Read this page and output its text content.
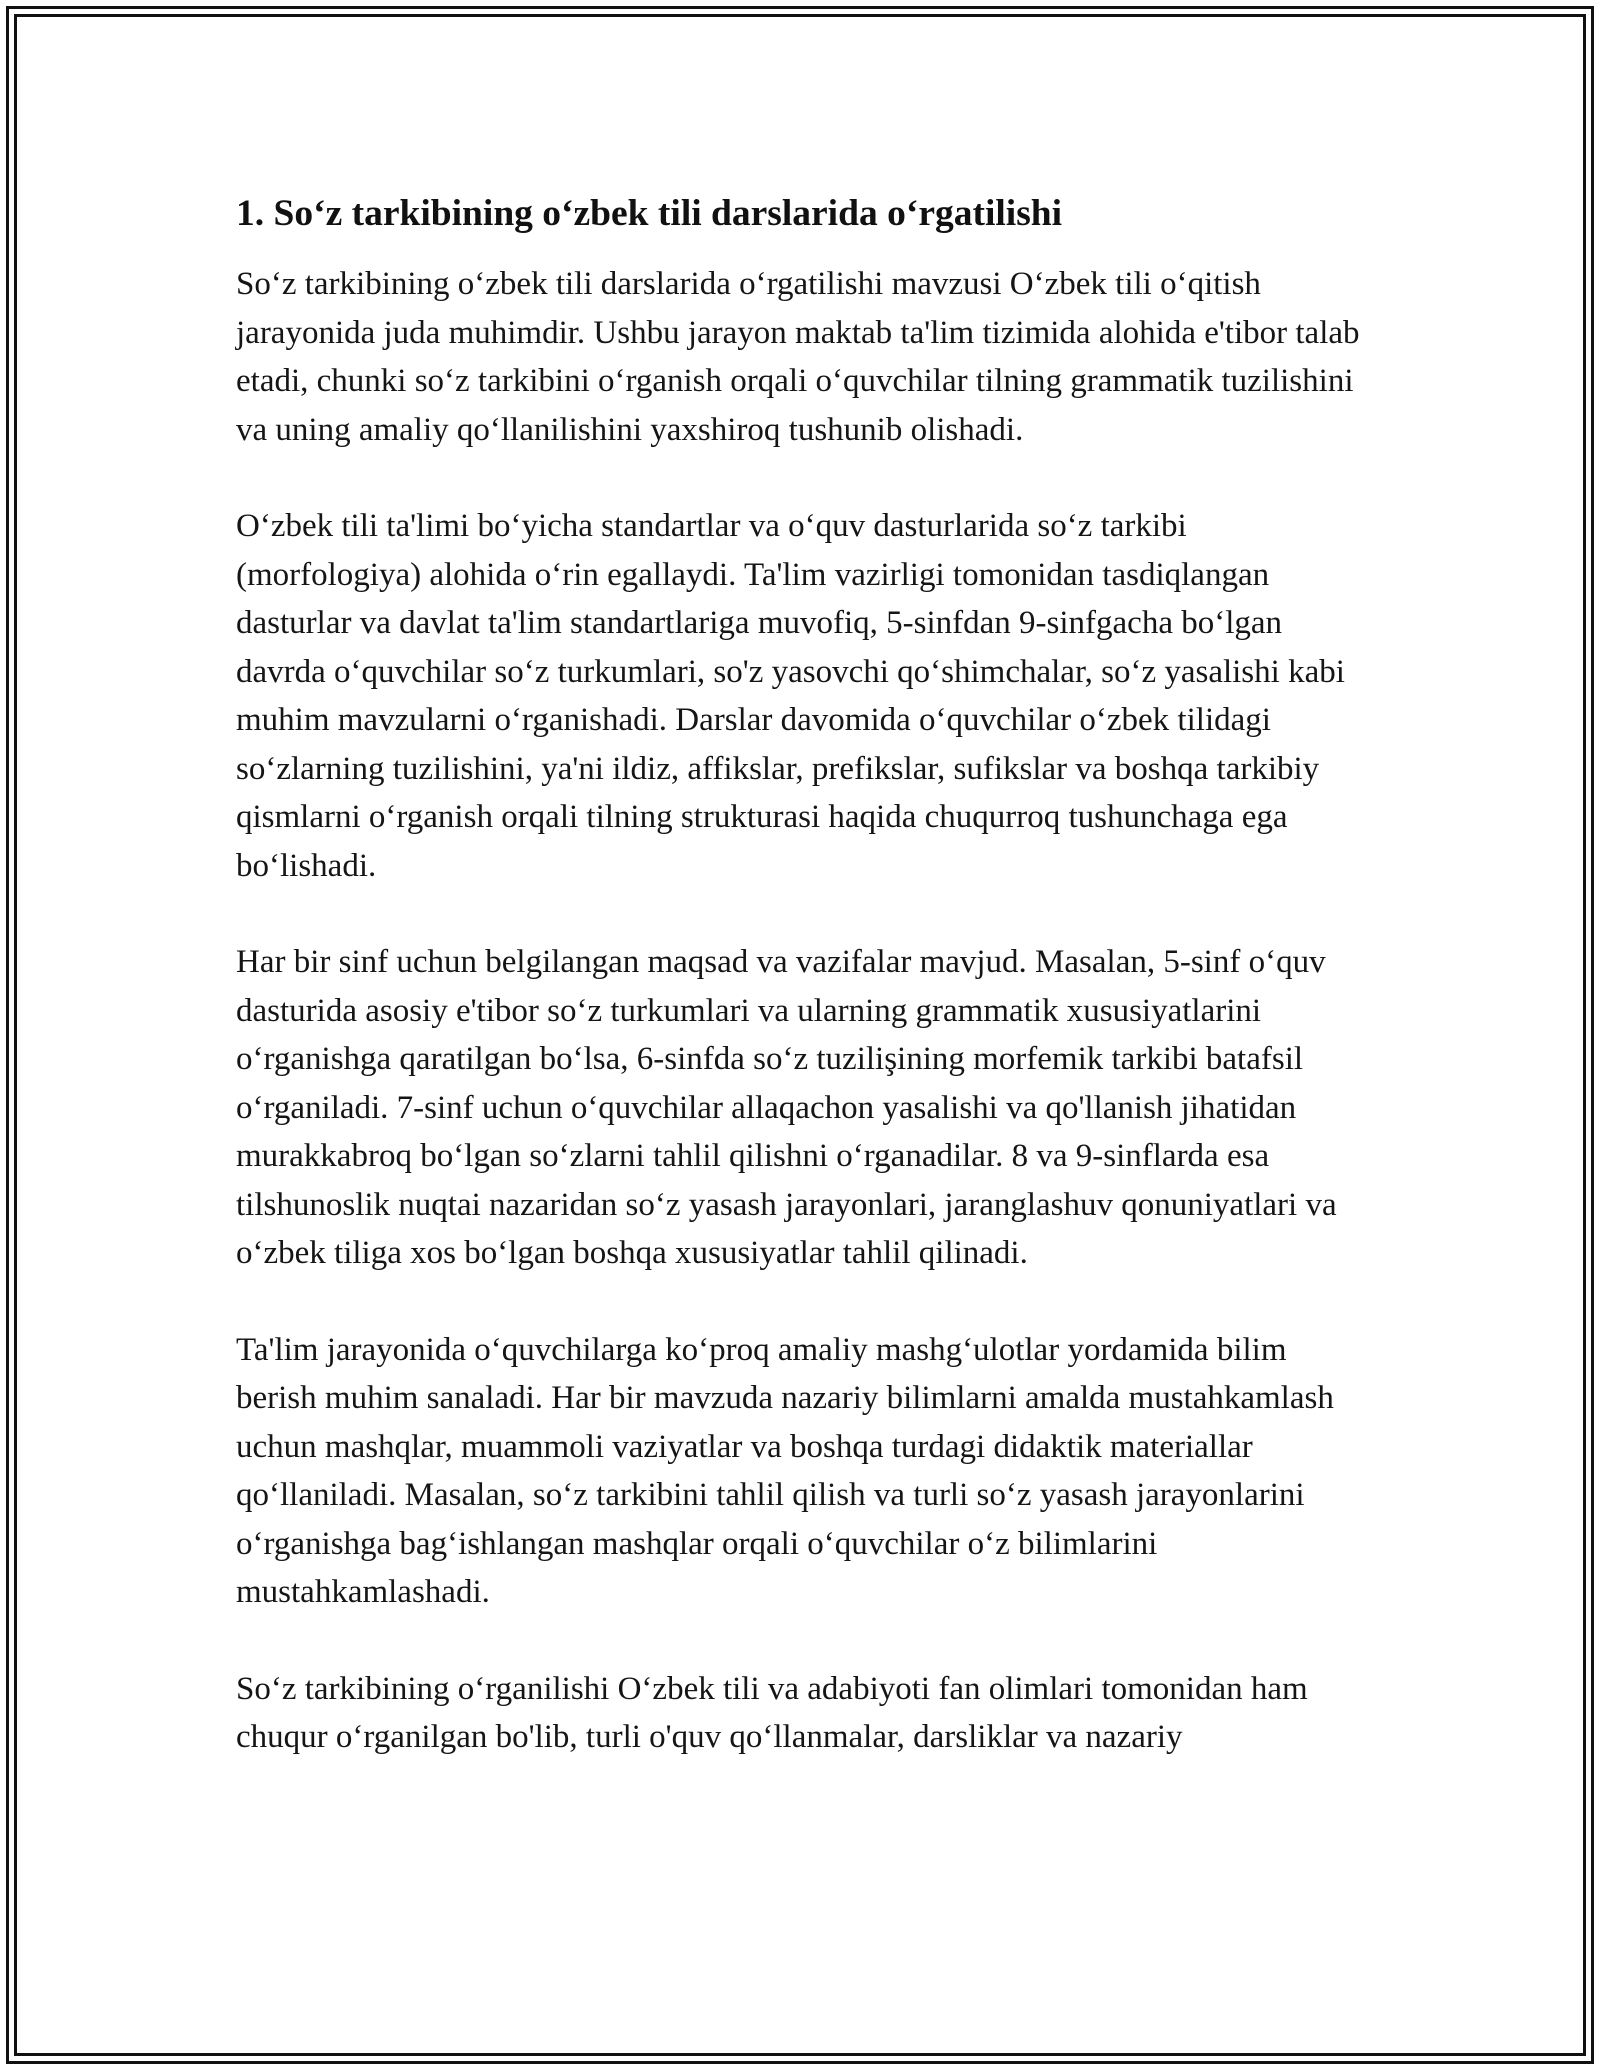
1. So‘z tarkibining o‘zbek tili darslarida o‘rgatilishi

So‘z tarkibining o‘zbek tili darslarida o‘rgatilishi mavzusi O‘zbek tili o‘qitish jarayonida juda muhimdir. Ushbu jarayon maktab ta'lim tizimida alohida e'tibor talab etadi, chunki so‘z tarkibini o‘rganish orqali o‘quvchilar tilning grammatik tuzilishini va uning amaliy qo‘llanilishini yaxshiroq tushunib olishadi.

O‘zbek tili ta'limi bo‘yicha standartlar va o‘quv dasturlarida so‘z tarkibi (morfologiya) alohida o‘rin egallaydi. Ta'lim vazirligi tomonidan tasdiqlangan dasturlar va davlat ta'lim standartlariga muvofiq, 5-sinfdan 9-sinfgacha bo‘lgan davrda o‘quvchilar so‘z turkumlari, so'z yasovchi qo‘shimchalar, so‘z yasalishi kabi muhim mavzularni o‘rganishadi. Darslar davomida o‘quvchilar o‘zbek tilidagi so‘zlarning tuzilishini, ya'ni ildiz, affikslar, prefikslar, sufikslar va boshqa tarkibiy qismlarni o‘rganish orqali tilning strukturasi haqida chuqurroq tushunchaga ega bo‘lishadi.

Har bir sinf uchun belgilangan maqsad va vazifalar mavjud. Masalan, 5-sinf o‘quv dasturida asosiy e'tibor so‘z turkumlari va ularning grammatik xususiyatlarini o‘rganishga qaratilgan bo‘lsa, 6-sinfda so‘z tuzilişining morfemik tarkibi batafsil o‘rganiladi. 7-sinf uchun o‘quvchilar allaqachon yasalishi va qo'llanish jihatidan murakkabroq bo‘lgan so‘zlarni tahlil qilishni o‘rganadilar. 8 va 9-sinflarda esa tilshunoslik nuqtai nazaridan so‘z yasash jarayonlari, jaranglashuv qonuniyatlari va o‘zbek tiliga xos bo‘lgan boshqa xususiyatlar tahlil qilinadi.

Ta'lim jarayonida o‘quvchilarga ko‘proq amaliy mashg‘ulotlar yordamida bilim berish muhim sanaladi. Har bir mavzuda nazariy bilimlarni amalda mustahkamlash uchun mashqlar, muammoli vaziyatlar va boshqa turdagi didaktik materiallar qo‘llaniladi. Masalan, so‘z tarkibini tahlil qilish va turli so‘z yasash jarayonlarini o‘rganishga bag‘ishlangan mashqlar orqali o‘quvchilar o‘z bilimlarini mustahkamlashadi.

So‘z tarkibining o‘rganilishi O‘zbek tili va adabiyoti fan olimlari tomonidan ham chuqur o‘rganilgan bo'lib, turli o'quv qo‘llanmalar, darsliklar va nazariy
